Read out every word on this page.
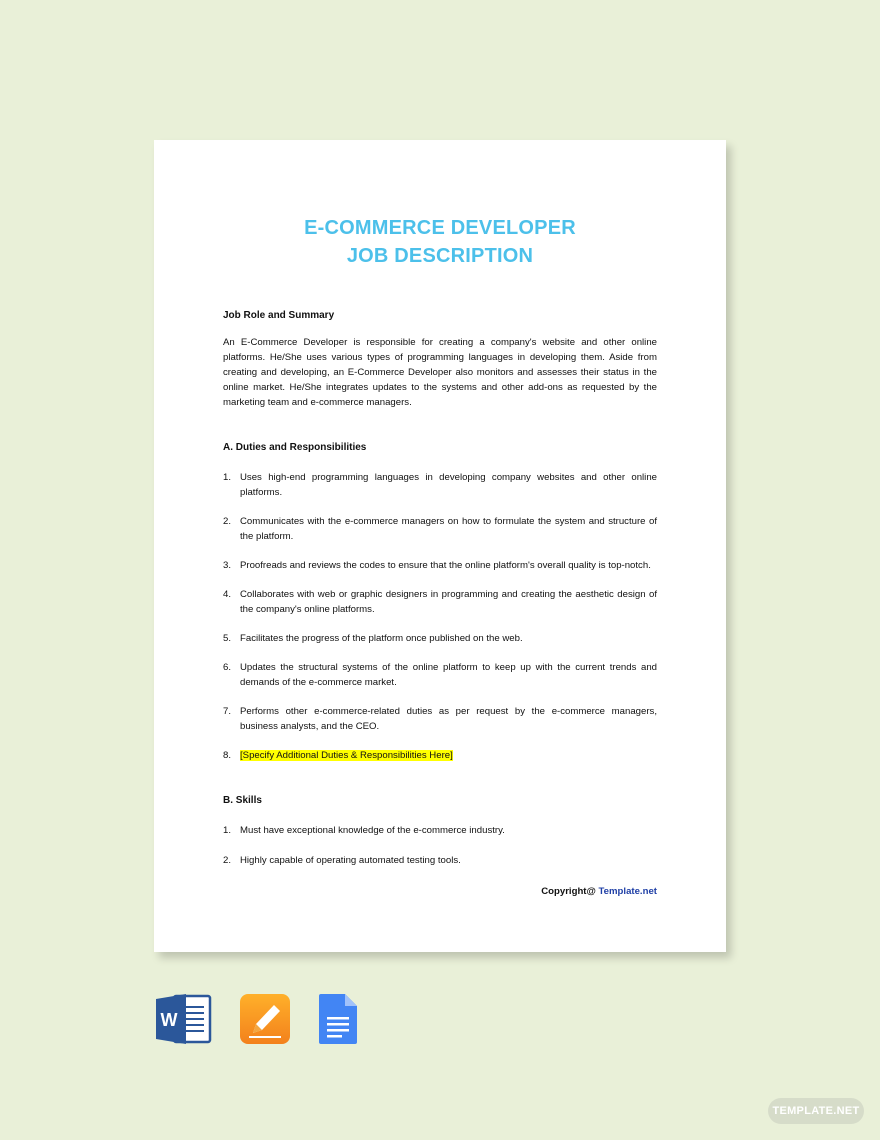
E-COMMERCE DEVELOPER
JOB DESCRIPTION
Job Role and Summary
An E-Commerce Developer is responsible for creating a company's website and other online platforms. He/She uses various types of programming languages in developing them. Aside from creating and developing, an E-Commerce Developer also monitors and assesses their status in the online market. He/She integrates updates to the systems and other add-ons as requested by the marketing team and e-commerce managers.
A. Duties and Responsibilities
1. Uses high-end programming languages in developing company websites and other online platforms.
2. Communicates with the e-commerce managers on how to formulate the system and structure of the platform.
3. Proofreads and reviews the codes to ensure that the online platform's overall quality is top-notch.
4. Collaborates with web or graphic designers in programming and creating the aesthetic design of the company's online platforms.
5. Facilitates the progress of the platform once published on the web.
6. Updates the structural systems of the online platform to keep up with the current trends and demands of the e-commerce market.
7. Performs other e-commerce-related duties as per request by the e-commerce managers, business analysts, and the CEO.
8. [Specify Additional Duties & Responsibilities Here]
B. Skills
1. Must have exceptional knowledge of the e-commerce industry.
2. Highly capable of operating automated testing tools.
Copyright@ Template.net
W
TEMPLATE.NET
